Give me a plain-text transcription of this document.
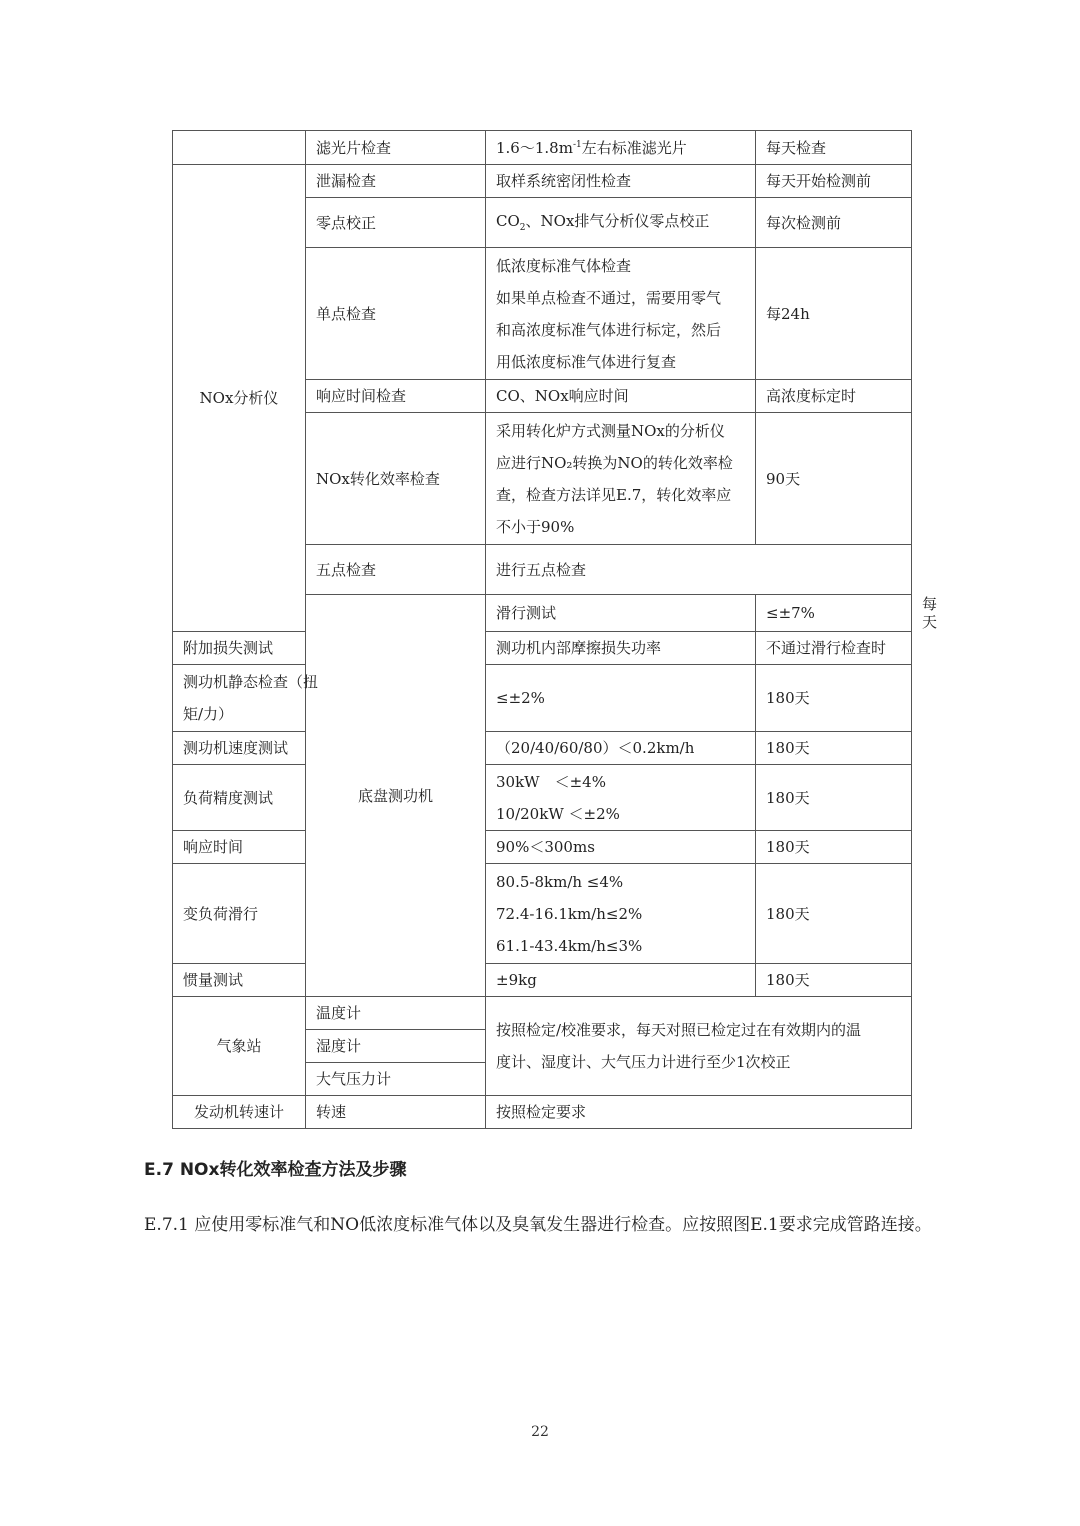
	滤光片检查	$1.6\sim 1.8m^{-1}$左右标准滤光片	每天检查	
NOx分析仪	泄漏检查	取样系统密闭性检查	每天开始检测前	
	零点校正	$CO_2$、NOx排气分析仪零点校正	每次检测前	
	单点检查	低浓度标准气体检查
如果单点检查不通过，需要用零气
和高浓度标准气体进行标定，然后
用低浓度标准气体进行复查	每24h	
	响应时间检查	CO、NOx响应时间	高浓度标定时	
	NOx转化效率检查	采用转化炉方式测量NOx的分析仪
应进行NO₂转换为NO的转化效率检
查，检查方法详见E.7，转化效率应
不小于90%	90天	
	五点检查	进行五点检查		
	底盘测功机	滑行测试	≤±7%	每天
附加损失测试		测功机内部摩擦损失功率	不通过滑行检查时	

测功机静态检查（扭
矩/力）		≤±2%	180天	
测功机速度测试		（20/40/60/80）＜0.2km/h	180天	
负荷精度测试		30kW　＜±4%
10/20kW ＜±2%	180天	
响应时间		90%＜300ms	180天	
变负荷滑行		80.5-8km/h ≤4%
72.4-16.1km/h≤2%
61.1-43.4km/h≤3%	180天	
惯量测试		±9kg	180天	
气象站	温度计	按照检定/校准要求，每天对照已检定过在有效期内的温
度计、湿度计、大气压力计进行至少1次校正		

	湿度计			
	大气压力计			
发动机转速计	转速	按照检定要求		
E.7 NOx转化效率检查方法及步骤
E.7.1 应使用零标准气和NO低浓度标准气体以及臭氧发生器进行检查。应按照图E.1要求完成管路连接。
22
